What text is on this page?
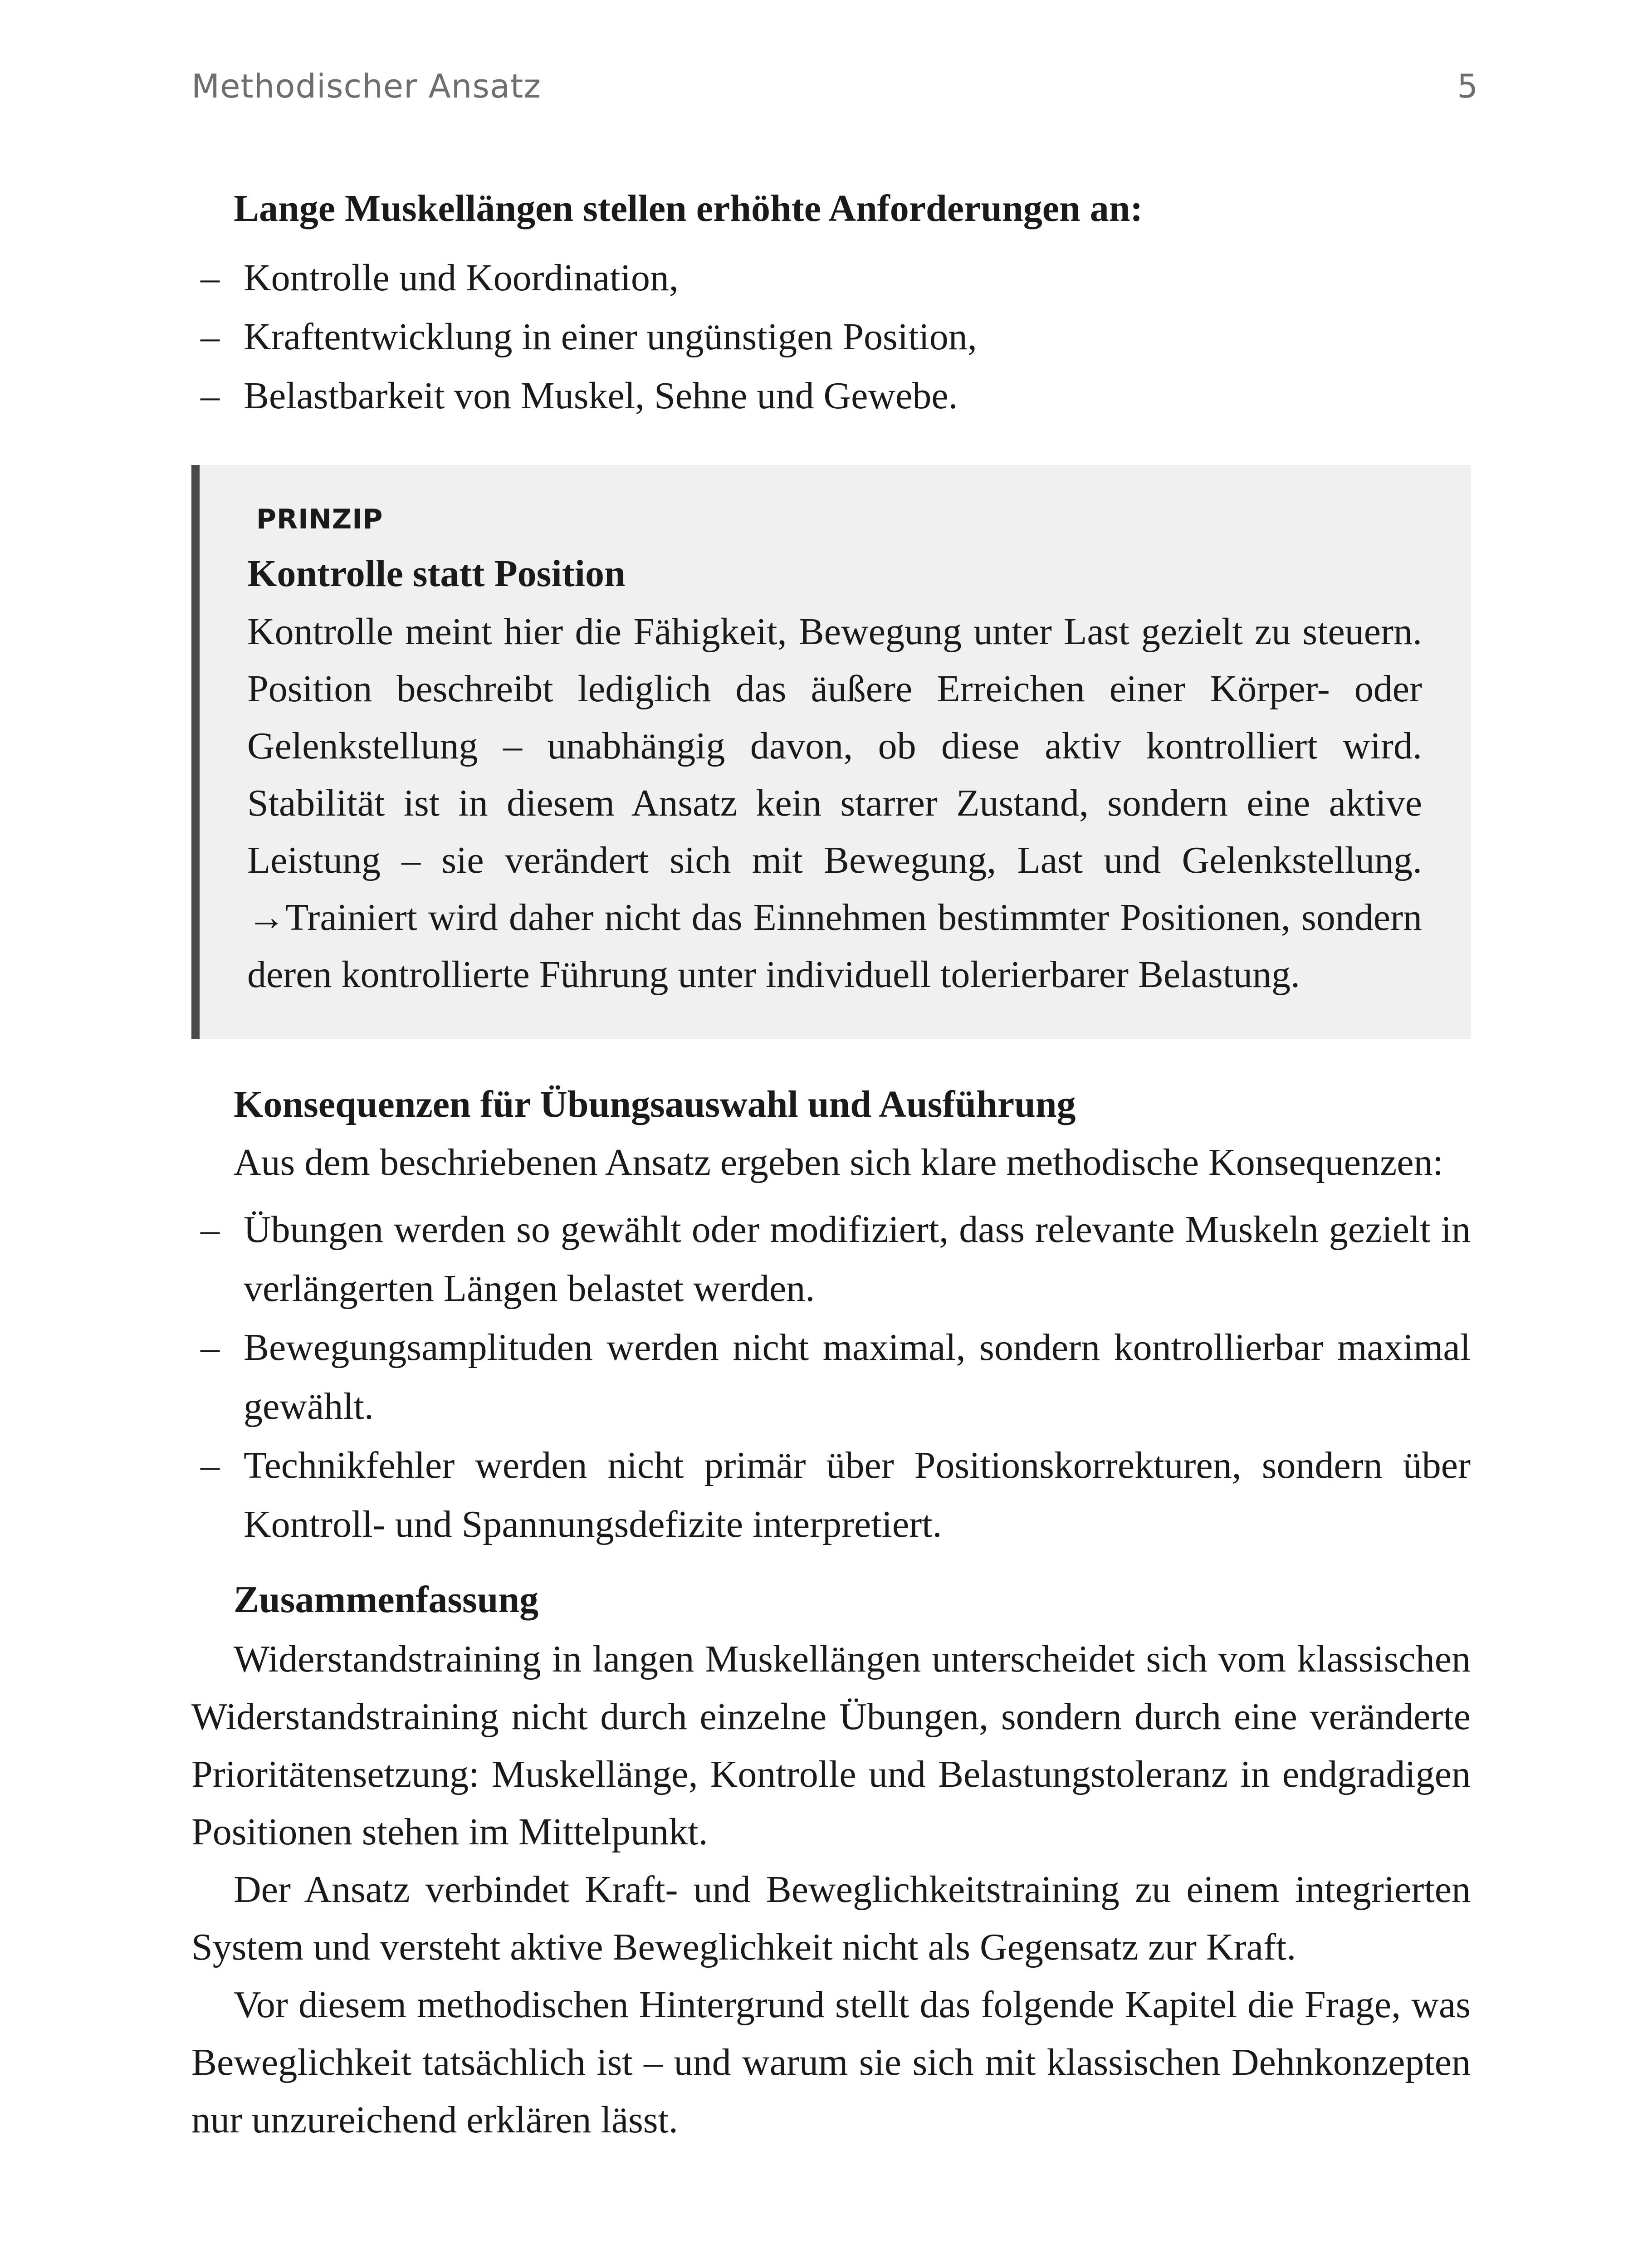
Methodischer Ansatz	5
Lange Muskellängen stellen erhöhte Anforderungen an:
– Kontrolle und Koordination,
– Kraftentwicklung in einer ungünstigen Position,
– Belastbarkeit von Muskel, Sehne und Gewebe.
PRINZIP
Kontrolle statt Position

Kontrolle meint hier die Fähigkeit, Bewegung unter Last gezielt zu steuern. Position beschreibt lediglich das äußere Erreichen einer Körper- oder Gelenkstellung – unabhängig davon, ob diese aktiv kontrolliert wird. Stabilität ist in diesem Ansatz kein starrer Zustand, sondern eine aktive Leistung – sie verändert sich mit Bewegung, Last und Gelenkstellung. →Trainiert wird daher nicht das Einnehmen bestimmter Positionen, sondern deren kontrollierte Führung unter individuell tolerierbarer Belastung.

Konsequenzen für Übungsauswahl und Ausführung
Aus dem beschriebenen Ansatz ergeben sich klare methodische Konsequenzen:
– Übungen werden so gewählt oder modifiziert, dass relevante Muskeln gezielt in verlängerten Längen belastet werden.
– Bewegungsamplituden werden nicht maximal, sondern kontrollierbar maximal gewählt.
– Technikfehler werden nicht primär über Positionskorrekturen, sondern über Kontroll- und Spannungsdefizite interpretiert.
Zusammenfassung

Widerstandstraining in langen Muskellängen unterscheidet sich vom klassischen Widerstandstraining nicht durch einzelne Übungen, sondern durch eine veränderte Prioritätensetzung: Muskellänge, Kontrolle und Belastungstoleranz in endgradigen Positionen stehen im Mittelpunkt.

Der Ansatz verbindet Kraft- und Beweglichkeitstraining zu einem integrierten System und versteht aktive Beweglichkeit nicht als Gegensatz zur Kraft.

Vor diesem methodischen Hintergrund stellt das folgende Kapitel die Frage, was Beweglichkeit tatsächlich ist – und warum sie sich mit klassischen Dehnkonzepten nur unzureichend erklären lässt.
